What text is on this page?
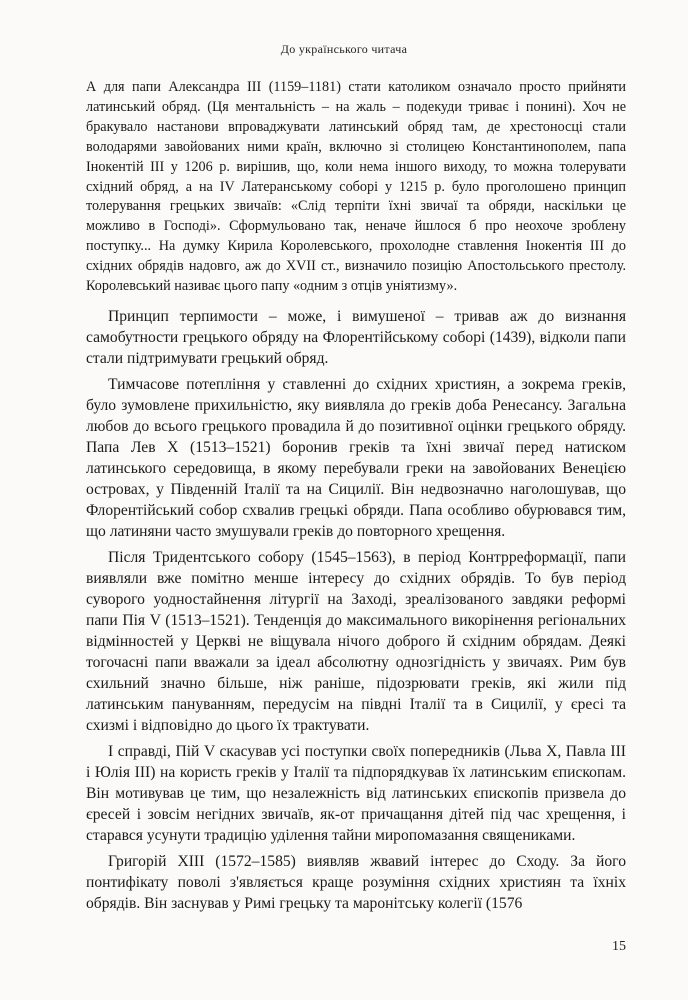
До українського читача

А для папи Александра III (1159–1181) стати католиком означало просто прийняти латинський обряд. (Ця ментальність – на жаль – подекуди триває і понині). Хоч не бракувало настанови впроваджувати латинський обряд там, де хрестоносці стали володарями завойованих ними країн, включно зі столицею Константинополем, папа Інокентій III у 1206 р. вирішив, що, коли нема іншого виходу, то можна толерувати східний обряд, а на IV Латеранському соборі у 1215 р. було проголошено принцип толерування грецьких звичаїв: «Слід терпіти їхні звичаї та обряди, наскільки це можливо в Господі». Сформульовано так, неначе йшлося б про неохоче зроблену поступку... На думку Кирила Королевського, прохолодне ставлення Інокентія III до східних обрядів надовго, аж до XVII ст., визначило позицію Апостольського престолу. Королевський називає цього папу «одним з отців уніятизму».

Принцип терпимости – може, і вимушеної – тривав аж до визнання самобутности грецького обряду на Флорентійському соборі (1439), відколи папи стали підтримувати грецький обряд.

Тимчасове потепління у ставленні до східних християн, а зокрема греків, було зумовлене прихильністю, яку виявляла до греків доба Ренесансу. Загальна любов до всього грецького провадила й до позитивної оцінки грецького обряду. Папа Лев X (1513–1521) боронив греків та їхні звичаї перед натиском латинського середовища, в якому перебували греки на завойованих Венецією островах, у Південній Італії та на Сицилії. Він недвозначно наголошував, що Флорентійський собор схвалив грецькі обряди. Папа особливо обурювався тим, що латиняни часто змушували греків до повторного хрещення.

Після Тридентського собору (1545–1563), в період Контрреформації, папи виявляли вже помітно менше інтересу до східних обрядів. То був період суворого уодностайнення літургії на Заході, зреалізованого завдяки реформі папи Пія V (1513–1521). Тенденція до максимального викорінення регіональних відмінностей у Церкві не віщувала нічого доброго й східним обрядам. Деякі тогочасні папи вважали за ідеал абсолютну однозгідність у звичаях. Рим був схильний значно більше, ніж раніше, підозрювати греків, які жили під латинським пануванням, передусім на півдні Італії та в Сицилії, у єресі та схизмі і відповідно до цього їх трактувати.

І справді, Пій V скасував усі поступки своїх попередників (Льва X, Павла III і Юлія III) на користь греків у Італії та підпорядкував їх латинським єпископам. Він мотивував це тим, що незалежність від латинських єпископів призвела до єресей і зовсім негідних звичаїв, як-от причащання дітей під час хрещення, і старався усунути традицію уділення тайни миропомазання священиками.

Григорій XIII (1572–1585) виявляв жвавий інтерес до Сходу. За його понтифікату поволі з'являється краще розуміння східних християн та їхніх обрядів. Він заснував у Римі грецьку та маронітську колегії (1576

15
